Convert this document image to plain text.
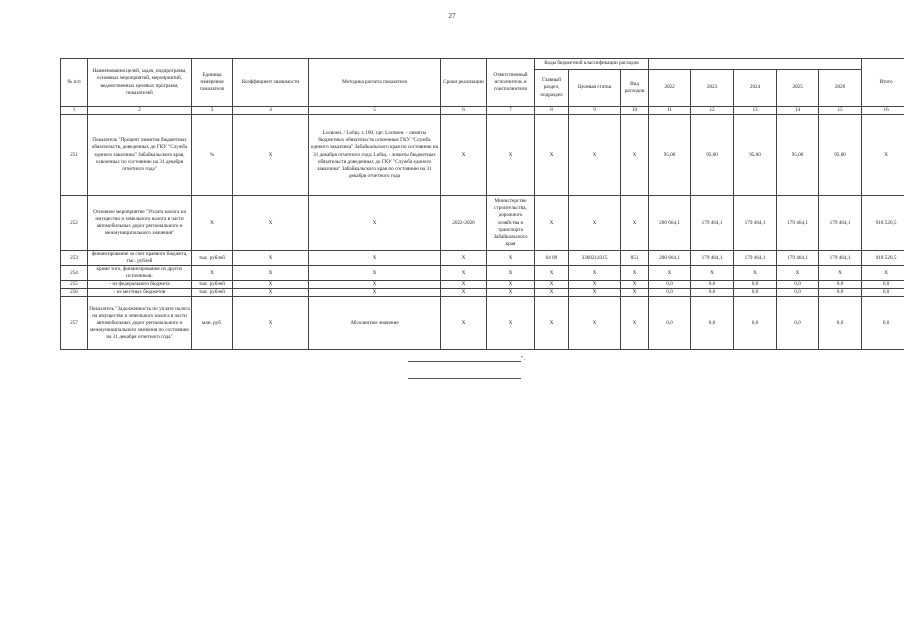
27
№ п/п	Наименования целей, задач, подпрограмм, основных мероприятий, мероприятий, ведомственных целевых программ, показателей	Единица измерения показателя	Коэффициент значимости	Методика расчета показателя	Сроки реализации	Ответственный исполнитель и соисполнители	Коды бюджетной классификации расходов								Итого
							Главный раздел, подраздел	Целевая статья	Вид расходов	2022	2023	2024	2025	2026	
1	2	3	4	5	6	7	8	9	10	11	12	13	14	15	16
251	Показатель "Процент лимитов бюджетных обязательств, доведенных до ГКУ "Служба единого заказчика" Забайкальского края, освоенных по состоянию на 31 декабря отчетного года"	%	X	Locвоен. / Lобщ. x 100, где: Locвоен. - лимиты бюджетных обязательств освоенные ГКУ "Служба единого заказчика" Забайкальского края по состоянию на 31 декабря отчетного года; Lобщ. - лимиты бюджетных обязательств доведенных до ГКУ "Служба единого заказчика" Забайкальского края по состоянию на 31 декабря отчетного года	X	X	X	X	X	95,00	95,00	95,00	95,00	95,00	X
252	Основное мероприятие "Уплата налога на имущество и земельного налога в части автомобильных дорог регионального и межмуниципального значения"	X	X	X	2022-2026	Министерство строительства, дорожного хозяйства и транспорта Забайкальского края	X	X	X	200 664,1	179 464,1	179 464,1	179 464,1	179 464,1	918 520,5
253	финансирование за счет краевого бюджета, тыс. рублей	тыс. рублей	X	X	X	X	04 09	3360214315	851	200 664,1	179 464,1	179 464,1	179 464,1	179 464,1	918 520,5
254	кроме того, финансирование из других источников:	X	X	X	X	X	X	X	X	X	X	X	X	X	X
255	- из федерального бюджета	тыс. рублей	X	X	X	X	X	X	X	0,0	0,0	0,0	0,0	0,0	0,0
256	- из местных бюджетов	тыс. рублей	X	X	X	X	X	X	X	0,0	0,0	0,0	0,0	0,0	0,0
257	Показатель "Задолженность по уплате налога на имущество и земельного налога в части автомобильных дорог регионального и межмуниципального значения по состоянию на 31 декабря отчетного года"	млн. руб.	X	Абсолютное значение	X	X	X	X	X	0,0	0,0	0,0	0,0	0,0	0,0
".
